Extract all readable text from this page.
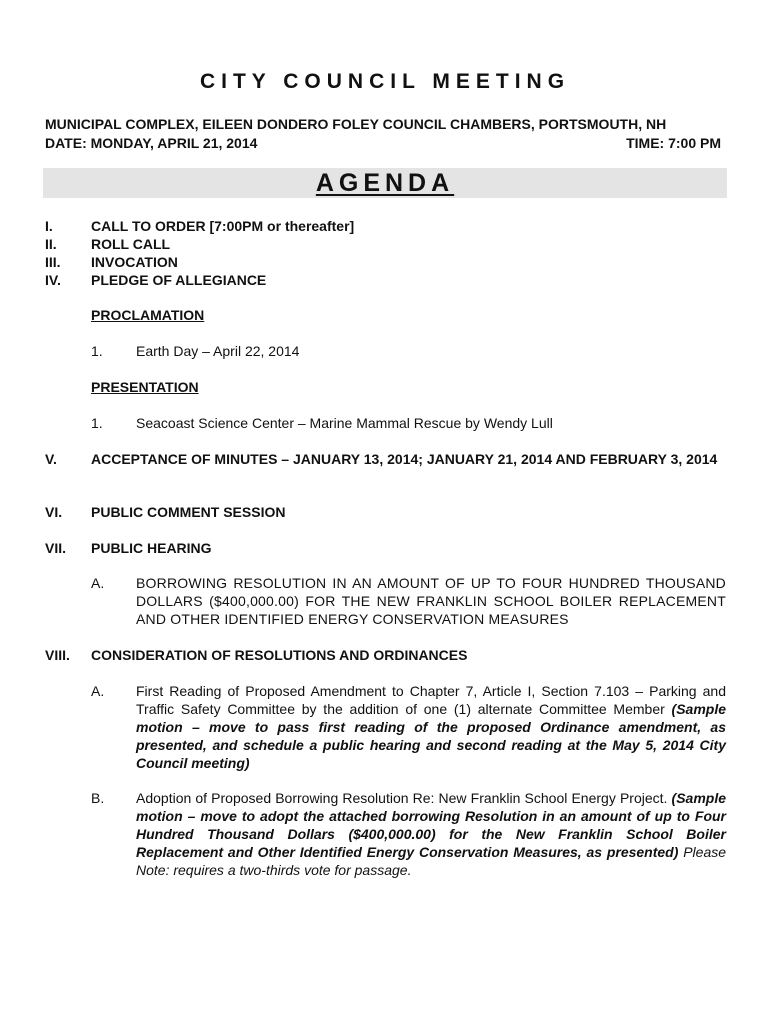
CITY COUNCIL MEETING
MUNICIPAL COMPLEX, EILEEN DONDERO FOLEY COUNCIL CHAMBERS, PORTSMOUTH, NH
DATE: MONDAY, APRIL 21, 2014	TIME: 7:00 PM
AGENDA
I.	CALL TO ORDER [7:00PM or thereafter]
II. ROLL CALL
III. INVOCATION
IV. PLEDGE OF ALLEGIANCE
PROCLAMATION
1. Earth Day – April 22, 2014
PRESENTATION
1. Seacoast Science Center – Marine Mammal Rescue by Wendy Lull
V. ACCEPTANCE OF MINUTES – JANUARY 13, 2014; JANUARY 21, 2014 AND FEBRUARY 3, 2014
VI. PUBLIC COMMENT SESSION
VII. PUBLIC HEARING
A. BORROWING RESOLUTION IN AN AMOUNT OF UP TO FOUR HUNDRED THOUSAND DOLLARS ($400,000.00) FOR THE NEW FRANKLIN SCHOOL BOILER REPLACEMENT AND OTHER IDENTIFIED ENERGY CONSERVATION MEASURES
VIII. CONSIDERATION OF RESOLUTIONS AND ORDINANCES
A. First Reading of Proposed Amendment to Chapter 7, Article I, Section 7.103 – Parking and Traffic Safety Committee by the addition of one (1) alternate Committee Member (Sample motion – move to pass first reading of the proposed Ordinance amendment, as presented, and schedule a public hearing and second reading at the May 5, 2014 City Council meeting)
B. Adoption of Proposed Borrowing Resolution Re: New Franklin School Energy Project. (Sample motion – move to adopt the attached borrowing Resolution in an amount of up to Four Hundred Thousand Dollars ($400,000.00) for the New Franklin School Boiler Replacement and Other Identified Energy Conservation Measures, as presented) Please Note: requires a two-thirds vote for passage.
